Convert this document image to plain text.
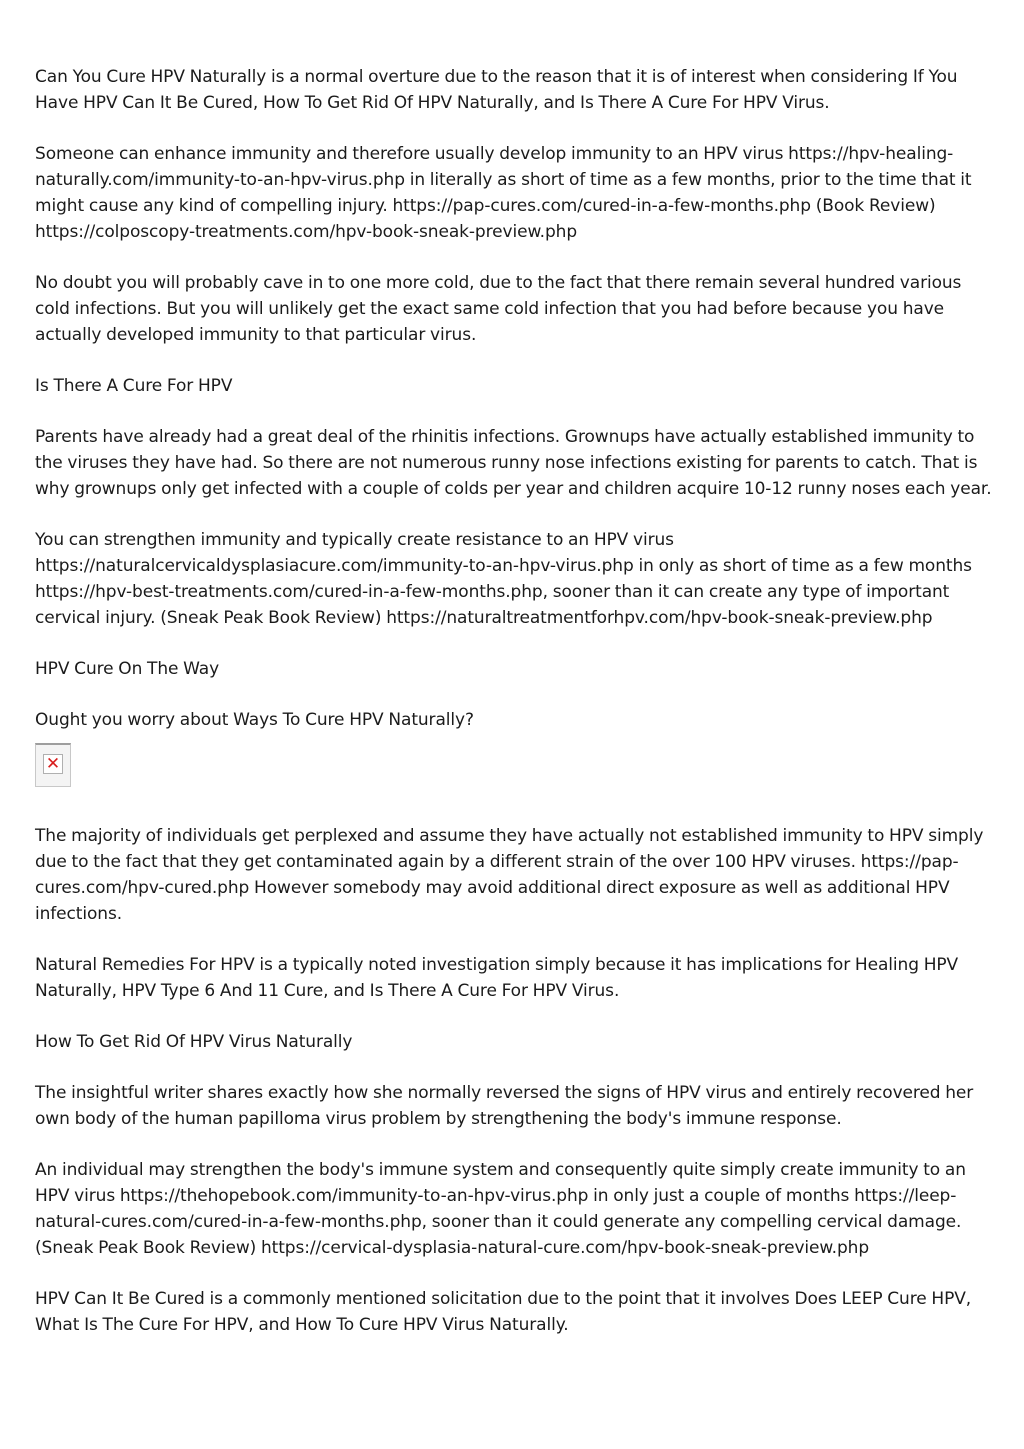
Can You Cure HPV Naturally is a normal overture due to the reason that it is of interest when considering If You Have HPV Can It Be Cured, How To Get Rid Of HPV Naturally, and Is There A Cure For HPV Virus.

Someone can enhance immunity and therefore usually develop immunity to an HPV virus https://hpv-healing-naturally.com/immunity-to-an-hpv-virus.php in literally as short of time as a few months, prior to the time that it might cause any kind of compelling injury. https://pap-cures.com/cured-in-a-few-months.php (Book Review) https://colposcopy-treatments.com/hpv-book-sneak-preview.php

No doubt you will probably cave in to one more cold, due to the fact that there remain several hundred various cold infections. But you will unlikely get the exact same cold infection that you had before because you have actually developed immunity to that particular virus.

Is There A Cure For HPV

Parents have already had a great deal of the rhinitis infections. Grownups have actually established immunity to the viruses they have had. So there are not numerous runny nose infections existing for parents to catch. That is why grownups only get infected with a couple of colds per year and children acquire 10-12 runny noses each year.

You can strengthen immunity and typically create resistance to an HPV virus https://naturalcervicaldysplasiacure.com/immunity-to-an-hpv-virus.php in only as short of time as a few months https://hpv-best-treatments.com/cured-in-a-few-months.php, sooner than it can create any type of important cervical injury. (Sneak Peak Book Review) https://naturaltreatmentforhpv.com/hpv-book-sneak-preview.php

HPV Cure On The Way

Ought you worry about Ways To Cure HPV Naturally?

✕

The majority of individuals get perplexed and assume they have actually not established immunity to HPV simply due to the fact that they get contaminated again by a different strain of the over 100 HPV viruses. https://pap-cures.com/hpv-cured.php However somebody may avoid additional direct exposure as well as additional HPV infections.

Natural Remedies For HPV is a typically noted investigation simply because it has implications for Healing HPV Naturally, HPV Type 6 And 11 Cure, and Is There A Cure For HPV Virus.

How To Get Rid Of HPV Virus Naturally

The insightful writer shares exactly how she normally reversed the signs of HPV virus and entirely recovered her own body of the human papilloma virus problem by strengthening the body's immune response.

An individual may strengthen the body's immune system and consequently quite simply create immunity to an HPV virus https://thehopebook.com/immunity-to-an-hpv-virus.php in only just a couple of months https://leep-natural-cures.com/cured-in-a-few-months.php, sooner than it could generate any compelling cervical damage. (Sneak Peak Book Review) https://cervical-dysplasia-natural-cure.com/hpv-book-sneak-preview.php

HPV Can It Be Cured is a commonly mentioned solicitation due to the point that it involves Does LEEP Cure HPV, What Is The Cure For HPV, and How To Cure HPV Virus Naturally.
